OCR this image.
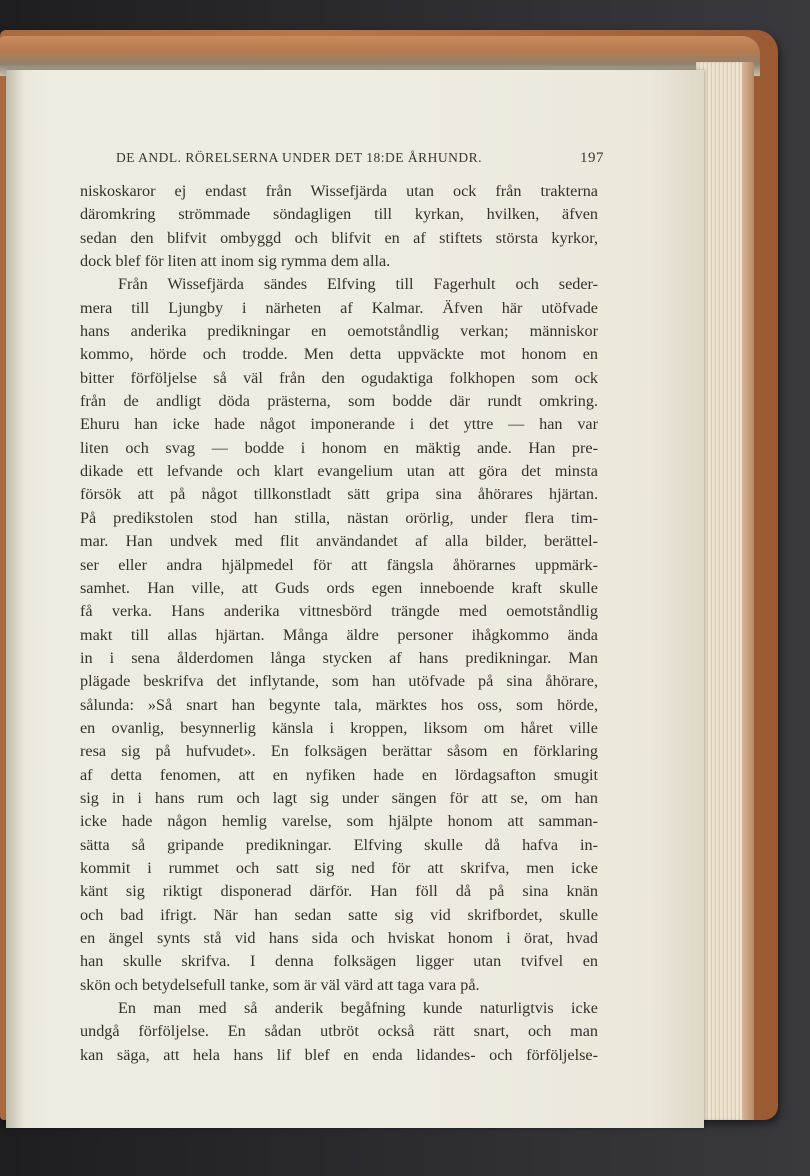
DE ANDL. RÖRELSERNA UNDER DET 18:DE ÅRHUNDR.	197
niskoskaror ej endast från Wissefjärda utan ock från trakterna
däromkring strömmade söndagligen till kyrkan, hvilken, äfven
sedan den blifvit ombyggd och blifvit en af stiftets största kyrkor,
dock blef för liten att inom sig rymma dem alla.
Från Wissefjärda sändes Elfving till Fagerhult och seder-
mera till Ljungby i närheten af Kalmar. Äfven här utöfvade
hans anderika predikningar en oemotståndlig verkan; människor
kommo, hörde och trodde. Men detta uppväckte mot honom en
bitter förföljelse så väl från den ogudaktiga folkhopen som ock
från de andligt döda prästerna, som bodde där rundt omkring.
Ehuru han icke hade något imponerande i det yttre — han var
liten och svag — bodde i honom en mäktig ande. Han pre-
dikade ett lefvande och klart evangelium utan att göra det minsta
försök att på något tillkonstladt sätt gripa sina åhörares hjärtan.
På predikstolen stod han stilla, nästan orörlig, under flera tim-
mar. Han undvek med flit användandet af alla bilder, berättel-
ser eller andra hjälpmedel för att fängsla åhörarnes uppmärk-
samhet. Han ville, att Guds ords egen inneboende kraft skulle
få verka. Hans anderika vittnesbörd trängde med oemotståndlig
makt till allas hjärtan. Många äldre personer ihågkommo ända
in i sena ålderdomen långa stycken af hans predikningar. Man
plägade beskrifva det inflytande, som han utöfvade på sina åhörare,
sålunda: »Så snart han begynte tala, märktes hos oss, som hörde,
en ovanlig, besynnerlig känsla i kroppen, liksom om håret ville
resa sig på hufvudet». En folksägen berättar såsom en förklaring
af detta fenomen, att en nyfiken hade en lördagsafton smugit
sig in i hans rum och lagt sig under sängen för att se, om han
icke hade någon hemlig varelse, som hjälpte honom att samman-
sätta så gripande predikningar. Elfving skulle då hafva in-
kommit i rummet och satt sig ned för att skrifva, men icke
känt sig riktigt disponerad därför. Han föll då på sina knän
och bad ifrigt. När han sedan satte sig vid skrifbordet, skulle
en ängel synts stå vid hans sida och hviskat honom i örat, hvad
han skulle skrifva. I denna folksägen ligger utan tvifvel en
skön och betydelsefull tanke, som är väl värd att taga vara på.
En man med så anderik begåfning kunde naturligtvis icke
undgå förföljelse. En sådan utbröt också rätt snart, och man
kan säga, att hela hans lif blef en enda lidandes- och förföljelse-
